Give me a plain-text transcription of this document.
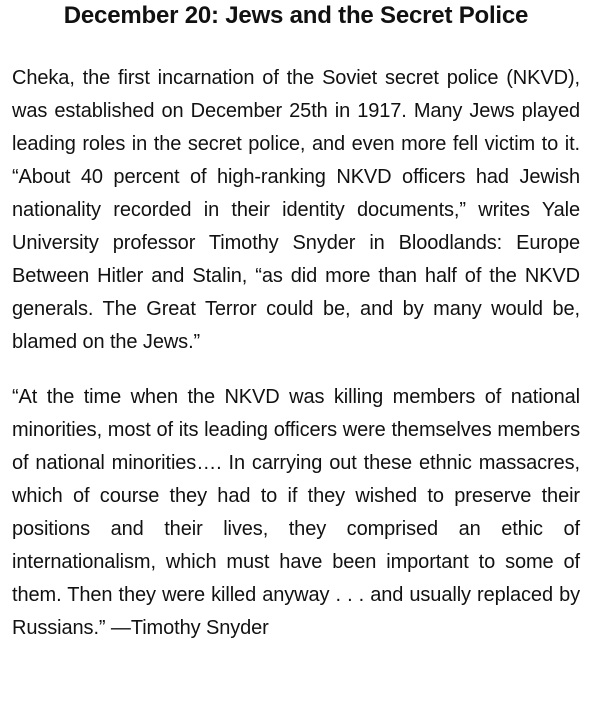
December 20: Jews and the Secret Police

Cheka, the first incarnation of the Soviet secret police (NKVD), was established on December 25th in 1917. Many Jews played leading roles in the secret police, and even more fell victim to it. “About 40 percent of high-ranking NKVD officers had Jewish nationality recorded in their identity documents,” writes Yale University professor Timothy Snyder in Bloodlands: Europe Between Hitler and Stalin, “as did more than half of the NKVD generals. The Great Terror could be, and by many would be, blamed on the Jews.”

“At the time when the NKVD was killing members of national minorities, most of its leading officers were themselves members of national minorities…. In carrying out these ethnic massacres, which of course they had to if they wished to preserve their positions and their lives, they comprised an ethic of internationalism, which must have been important to some of them. Then they were killed anyway . . . and usually replaced by Russians.” —Timothy Snyder
